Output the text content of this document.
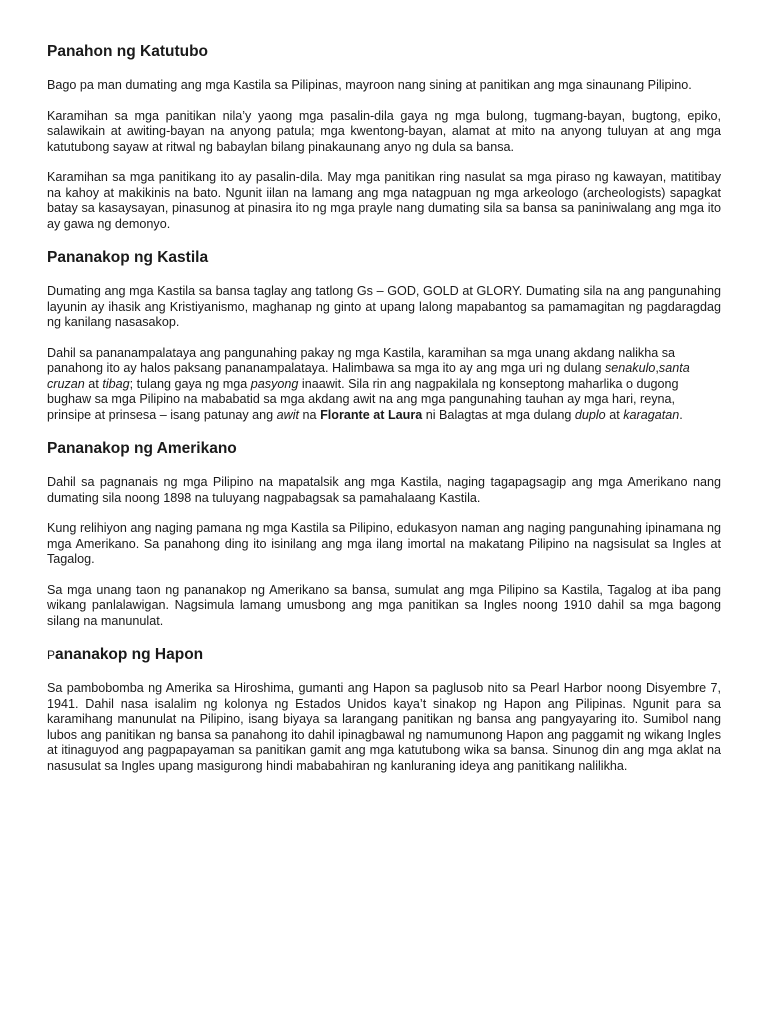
Panahon ng Katutubo

Bago pa man dumating ang mga Kastila sa Pilipinas, mayroon nang sining at panitikan ang mga sinaunang Pilipino.

Karamihan sa mga panitikan nila’y yaong mga pasalin-dila gaya ng mga bulong, tugmang-bayan, bugtong, epiko, salawikain at awiting-bayan na anyong patula; mga kwentong-bayan, alamat at mito na anyong tuluyan at ang mga katutubong sayaw at ritwal ng babaylan bilang pinakaunang anyo ng dula sa bansa.

Karamihan sa mga panitikang ito ay pasalin-dila. May mga panitikan ring nasulat sa mga piraso ng kawayan, matitibay na kahoy at makikinis na bato. Ngunit iilan na lamang ang mga natagpuan ng mga arkeologo (archeologists) sapagkat batay sa kasaysayan, pinasunog at pinasira ito ng mga prayle nang dumating sila sa bansa sa paniniwalang ang mga ito ay gawa ng demonyo.

Pananakop ng Kastila

Dumating ang mga Kastila sa bansa taglay ang tatlong Gs – GOD, GOLD at GLORY. Dumating sila na ang pangunahing layunin ay ihasik ang Kristiyanismo, maghanap ng ginto at upang lalong mapabantog sa pamamagitan ng pagdaragdag ng kanilang nasasakop.

Dahil sa pananampalataya ang pangunahing pakay ng mga Kastila, karamihan sa mga unang akdang nalikha sa panahong ito ay halos paksang pananampalataya. Halimbawa sa mga ito ay ang mga uri ng dulang senakulo,santa cruzan at tibag; tulang gaya ng mga pasyong inaawit. Sila rin ang nagpakilala ng konseptong maharlika o dugong bughaw sa mga Pilipino na mababatid sa mga akdang awit na ang mga pangunahing tauhan ay mga hari, reyna, prinsipe at prinsesa – isang patunay ang awit na Florante at Laura ni Balagtas at mga dulang duplo at karagatan.

Pananakop ng Amerikano

Dahil sa pagnanais ng mga Pilipino na mapatalsik ang mga Kastila, naging tagapagsagip ang mga Amerikano nang dumating sila noong 1898 na tuluyang nagpabagsak sa pamahalaang Kastila.

Kung relihiyon ang naging pamana ng mga Kastila sa Pilipino, edukasyon naman ang naging pangunahing ipinamana ng mga Amerikano. Sa panahong ding ito isinilang ang mga ilang imortal na makatang Pilipino na nagsisulat sa Ingles at Tagalog.

Sa mga unang taon ng pananakop ng Amerikano sa bansa, sumulat ang mga Pilipino sa Kastila, Tagalog at iba pang wikang panlalawigan. Nagsimula lamang umusbong ang mga panitikan sa Ingles noong 1910 dahil sa mga bagong silang na manunulat.

Pananakop ng Hapon

Sa pambobomba ng Amerika sa Hiroshima, gumanti ang Hapon sa paglusob nito sa Pearl Harbor noong Disyembre 7, 1941. Dahil nasa isalalim ng kolonya ng Estados Unidos kaya’t sinakop ng Hapon ang Pilipinas. Ngunit para sa karamihang manunulat na Pilipino, isang biyaya sa larangang panitikan ng bansa ang pangyayaring ito. Sumibol nang lubos ang panitikan ng bansa sa panahong ito dahil ipinagbawal ng namumunong Hapon ang paggamit ng wikang Ingles at itinaguyod ang pagpapayaman sa panitikan gamit ang mga katutubong wika sa bansa. Sinunog din ang mga aklat na nasusulat sa Ingles upang masigurong hindi mababahiran ng kanluraning ideya ang panitikang nalilikha.
